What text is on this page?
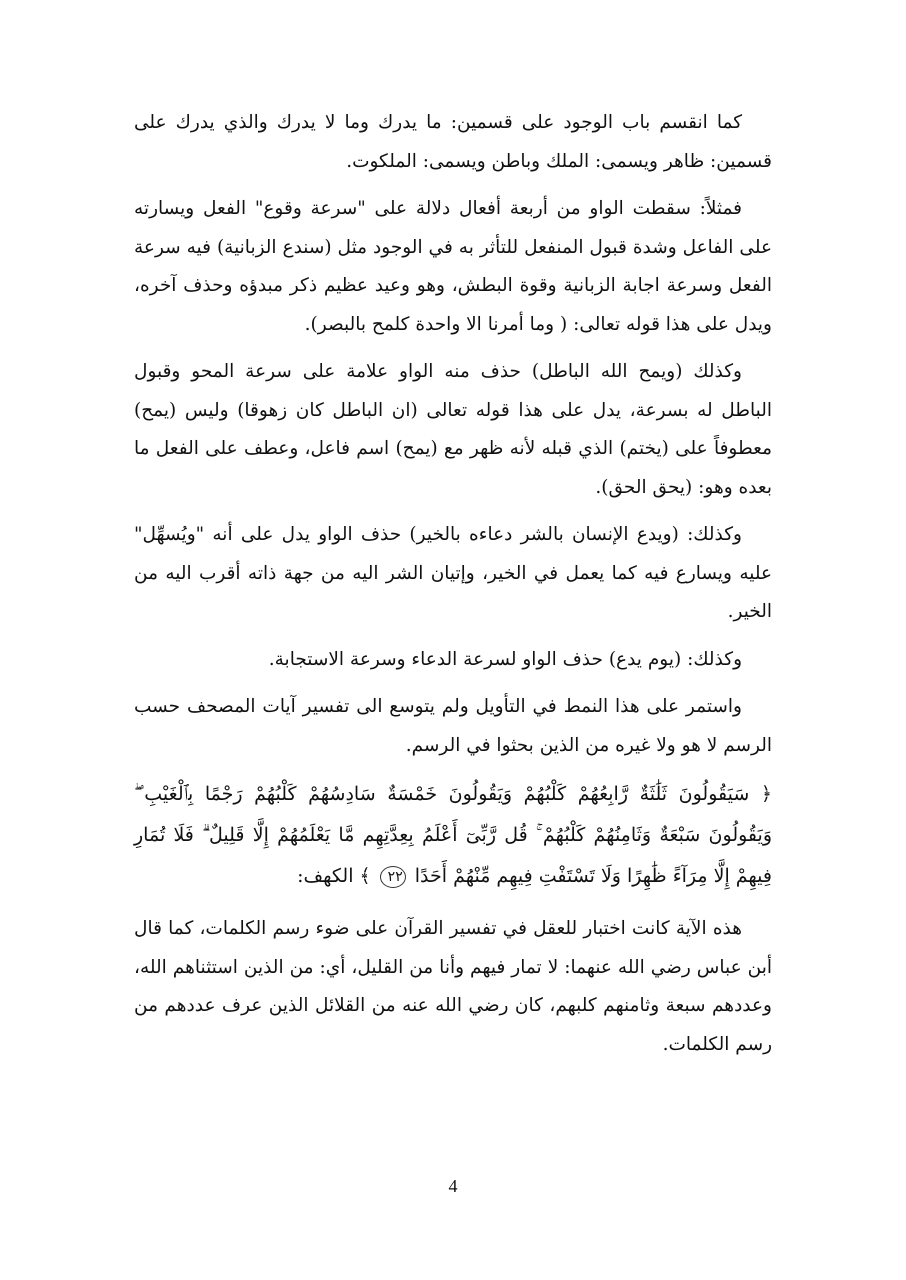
كما انقسم باب الوجود على قسمين: ما يدرك وما لا يدرك والذي يدرك على قسمين: ظاهر ويسمى: الملك وباطن ويسمى: الملكوت.

فمثلاً: سقطت الواو من أربعة أفعال دلالة على "سرعة وقوع" الفعل ويسارته على الفاعل وشدة قبول المنفعل للتأثر به في الوجود مثل (سندع الزبانية) فيه سرعة الفعل وسرعة اجابة الزبانية وقوة البطش، وهو وعيد عظيم ذكر مبدؤه وحذف آخره، ويدل على هذا قوله تعالى: ( وما أمرنا الا واحدة كلمح بالبصر).

وكذلك (ويمح الله الباطل) حذف منه الواو علامة على سرعة المحو وقبول الباطل له بسرعة، يدل على هذا قوله تعالى (ان الباطل كان زهوقا) وليس (يمح) معطوفاً على (يختم) الذي قبله لأنه ظهر مع (يمح) اسم فاعل، وعطف على الفعل ما بعده وهو: (يحق الحق).

وكذلك: (ويدع الإنسان بالشر دعاءه بالخير) حذف الواو يدل على أنه "ويُسهِّل" عليه ويسارع فيه كما يعمل في الخير، وإتيان الشر اليه من جهة ذاته أقرب اليه من الخير.

وكذلك: (يوم يدع) حذف الواو لسرعة الدعاء وسرعة الاستجابة.

واستمر على هذا النمط في التأويل ولم يتوسع الى تفسير آيات المصحف حسب الرسم لا هو ولا غيره من الذين بحثوا في الرسم.

﴿ سَيَقُولُونَ ثَلَٰثَةٌ رَّابِعُهُمْ كَلْبُهُمْ وَيَقُولُونَ خَمْسَةٌ سَادِسُهُمْ كَلْبُهُمْ رَجْمًا بِٱلْغَيْبِ ۖ وَيَقُولُونَ سَبْعَةٌ وَثَامِنُهُمْ كَلْبُهُمْ ۚ قُل رَّبِّىٓ أَعْلَمُ بِعِدَّتِهِم مَّا يَعْلَمُهُمْ إِلَّا قَلِيلٌ ۗ فَلَا تُمَارِ فِيهِمْ إِلَّا مِرَآءً ظَٰهِرًا وَلَا تَسْتَفْتِ فِيهِم مِّنْهُمْ أَحَدًا ٢٢ ﴾ الكهف:

هذه الآية كانت اختبار للعقل في تفسير القرآن على ضوء رسم الكلمات، كما قال أبن عباس رضي الله عنهما: لا تمار فيهم وأنا من القليل، أي: من الذين استثناهم الله، وعددهم سبعة وثامنهم كلبهم، كان رضي الله عنه من القلائل الذين عرف عددهم من رسم الكلمات.

4
